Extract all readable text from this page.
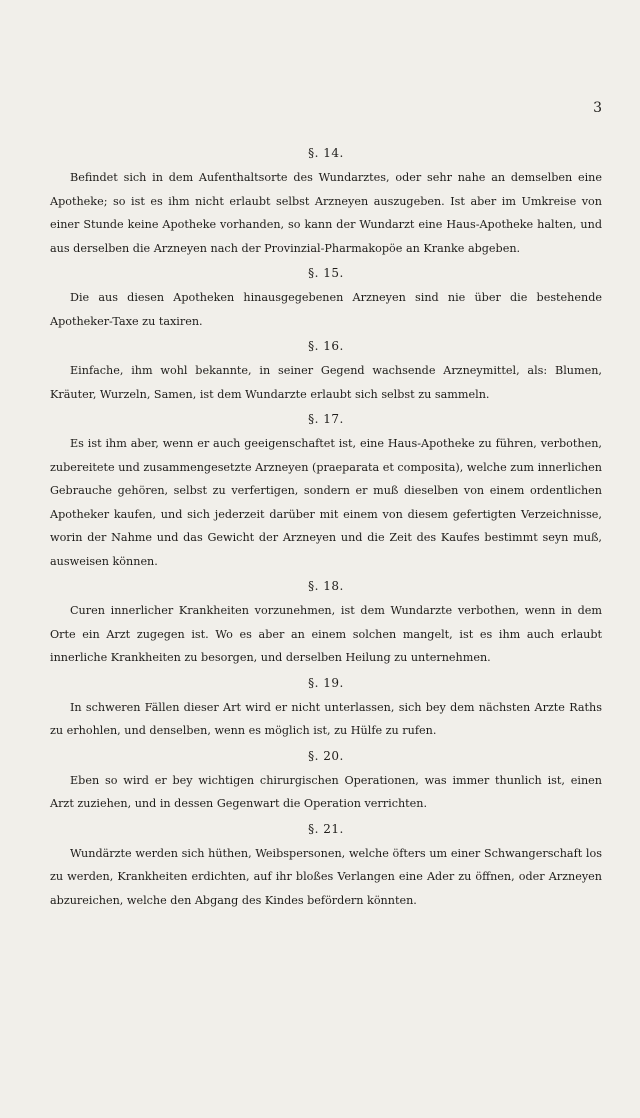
3
§. 14.

Befindet sich in dem Aufenthaltsorte des Wundarztes, oder sehr nahe an demselben eine Apotheke; so ist es ihm nicht erlaubt selbst Arzneyen auszugeben. Ist aber im Umkreise von einer Stunde keine Apotheke vorhanden, so kann der Wundarzt eine Haus-Apotheke halten, und aus derselben die Arzneyen nach der Provinzial-Pharmakopöe an Kranke abgeben.

§. 15.

Die aus diesen Apotheken hinausgegebenen Arzneyen sind nie über die bestehende Apotheker-Taxe zu taxiren.

§. 16.

Einfache, ihm wohl bekannte, in seiner Gegend wachsende Arzneymittel, als: Blumen, Kräuter, Wurzeln, Samen, ist dem Wundarzte erlaubt sich selbst zu sammeln.

§. 17.

Es ist ihm aber, wenn er auch geeigenschaftet ist, eine Haus-Apotheke zu führen, verbothen, zubereitete und zusammengesetzte Arzneyen (praeparata et composita), welche zum innerlichen Gebrauche gehören, selbst zu verfertigen, sondern er muß dieselben von einem ordentlichen Apotheker kaufen, und sich jederzeit darüber mit einem von diesem gefertigten Verzeichnisse, worin der Nahme und das Gewicht der Arzneyen und die Zeit des Kaufes bestimmt seyn muß, ausweisen können.

§. 18.

Curen innerlicher Krankheiten vorzunehmen, ist dem Wundarzte verbothen, wenn in dem Orte ein Arzt zugegen ist. Wo es aber an einem solchen mangelt, ist es ihm auch erlaubt innerliche Krankheiten zu besorgen, und derselben Heilung zu unternehmen.

§. 19.

In schweren Fällen dieser Art wird er nicht unterlassen, sich bey dem nächsten Arzte Raths zu erhohlen, und denselben, wenn es möglich ist, zu Hülfe zu rufen.

§. 20.

Eben so wird er bey wichtigen chirurgischen Operationen, was immer thunlich ist, einen Arzt zuziehen, und in dessen Gegenwart die Operation verrichten.

§. 21.

Wundärzte werden sich hüthen, Weibspersonen, welche öfters um einer Schwangerschaft los zu werden, Krankheiten erdichten, auf ihr bloßes Verlangen eine Ader zu öffnen, oder Arzneyen abzureichen, welche den Abgang des Kindes befördern könnten.
